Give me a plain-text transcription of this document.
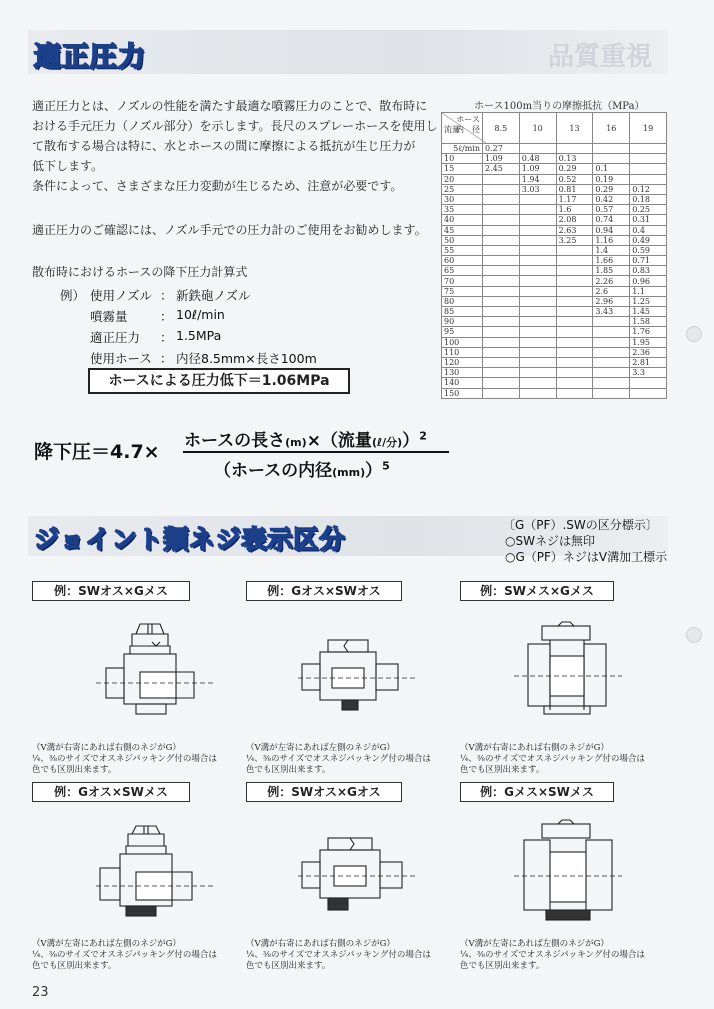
品質重視
適正圧力
適正圧力とは、ノズルの性能を満たす最適な噴霧圧力のことで、散布時に
おける手元圧力（ノズル部分）を示します。長尺のスプレーホースを使用し
て散布する場合は特に、水とホースの間に摩擦による抵抗が生じ圧力が
低下します。
条件によって、さまざまな圧力変動が生じるため、注意が必要です。
適正圧力のご確認には、ノズル手元での圧力計のご使用をお勧めします。
散布時におけるホースの降下圧力計算式
例） 使用ノズル ： 新鉄砲ノズル
噴霧量	： 10ℓ/min
適正圧力 ： 1.5MPa
使用ホース ： 内径8.5mm×長さ100m
ホースによる圧力低下＝1.06MPa
降下圧＝4.7× ホースの長さ(m)×（流量(ℓ/分)）$^2$
（ホースの内径(mm)）$^5$
ホース100m当りの摩擦抵抗（MPa）
ホース
流量
内　径	8.5	10	13	16	19
5ℓ/min	0.27				
10	1.09	0.48	0.13		
15	2.45	1.09	0.29	0.1	
20		1.94	0.52	0.19	
25		3.03	0.81	0.29	0.12
30			1.17	0.42	0.18
35			1.6	0.57	0.25
40			2.08	0.74	0.31
45			2.63	0.94	0.4
50			3.25	1.16	0.49
55				1.4	0.59
60				1.66	0.71
65				1.85	0.83
70				2.26	0.96
75				2.6	1.1
80				2.96	1.25
85				3.43	1.45
90					1.58
95					1.76
100					1.95
110					2.36
120					2.81
130					3.3
140					
150					
ジョイント類ネジ表示区分	〔G（PF）.SWの区分標示〕
○SWネジは無印
○G（PF）ネジはV溝加工標示
例：SWオス×Gメス	例：Gオス×SWオス	例：SWメス×Gメス
例：Gオス×SWメス	例：SWオス×Gオス	例：Gメス×SWメス
（V溝が右寄にあれば右側のネジがG）
¼、⅜のサイズでオスネジパッキング付の場合は
色でも区別出来ます。
（V溝が左寄にあれば左側のネジがG）
¼、⅜のサイズでオスネジパッキング付の場合は
色でも区別出来ます。
（V溝が右寄にあれば右側のネジがG）
¼、⅜のサイズでオスネジパッキング付の場合は
色でも区別出来ます。
（V溝が左寄にあれば左側のネジがG）
¼、⅜のサイズでオスネジパッキング付の場合は
色でも区別出来ます。
（V溝が右寄にあれば右側のネジがG）
¼、⅜のサイズでオスネジパッキング付の場合は
色でも区別出来ます。
（V溝が左寄にあれば左側のネジがG）
¼、⅜のサイズでオスネジパッキング付の場合は
色でも区別出来ます。
23
